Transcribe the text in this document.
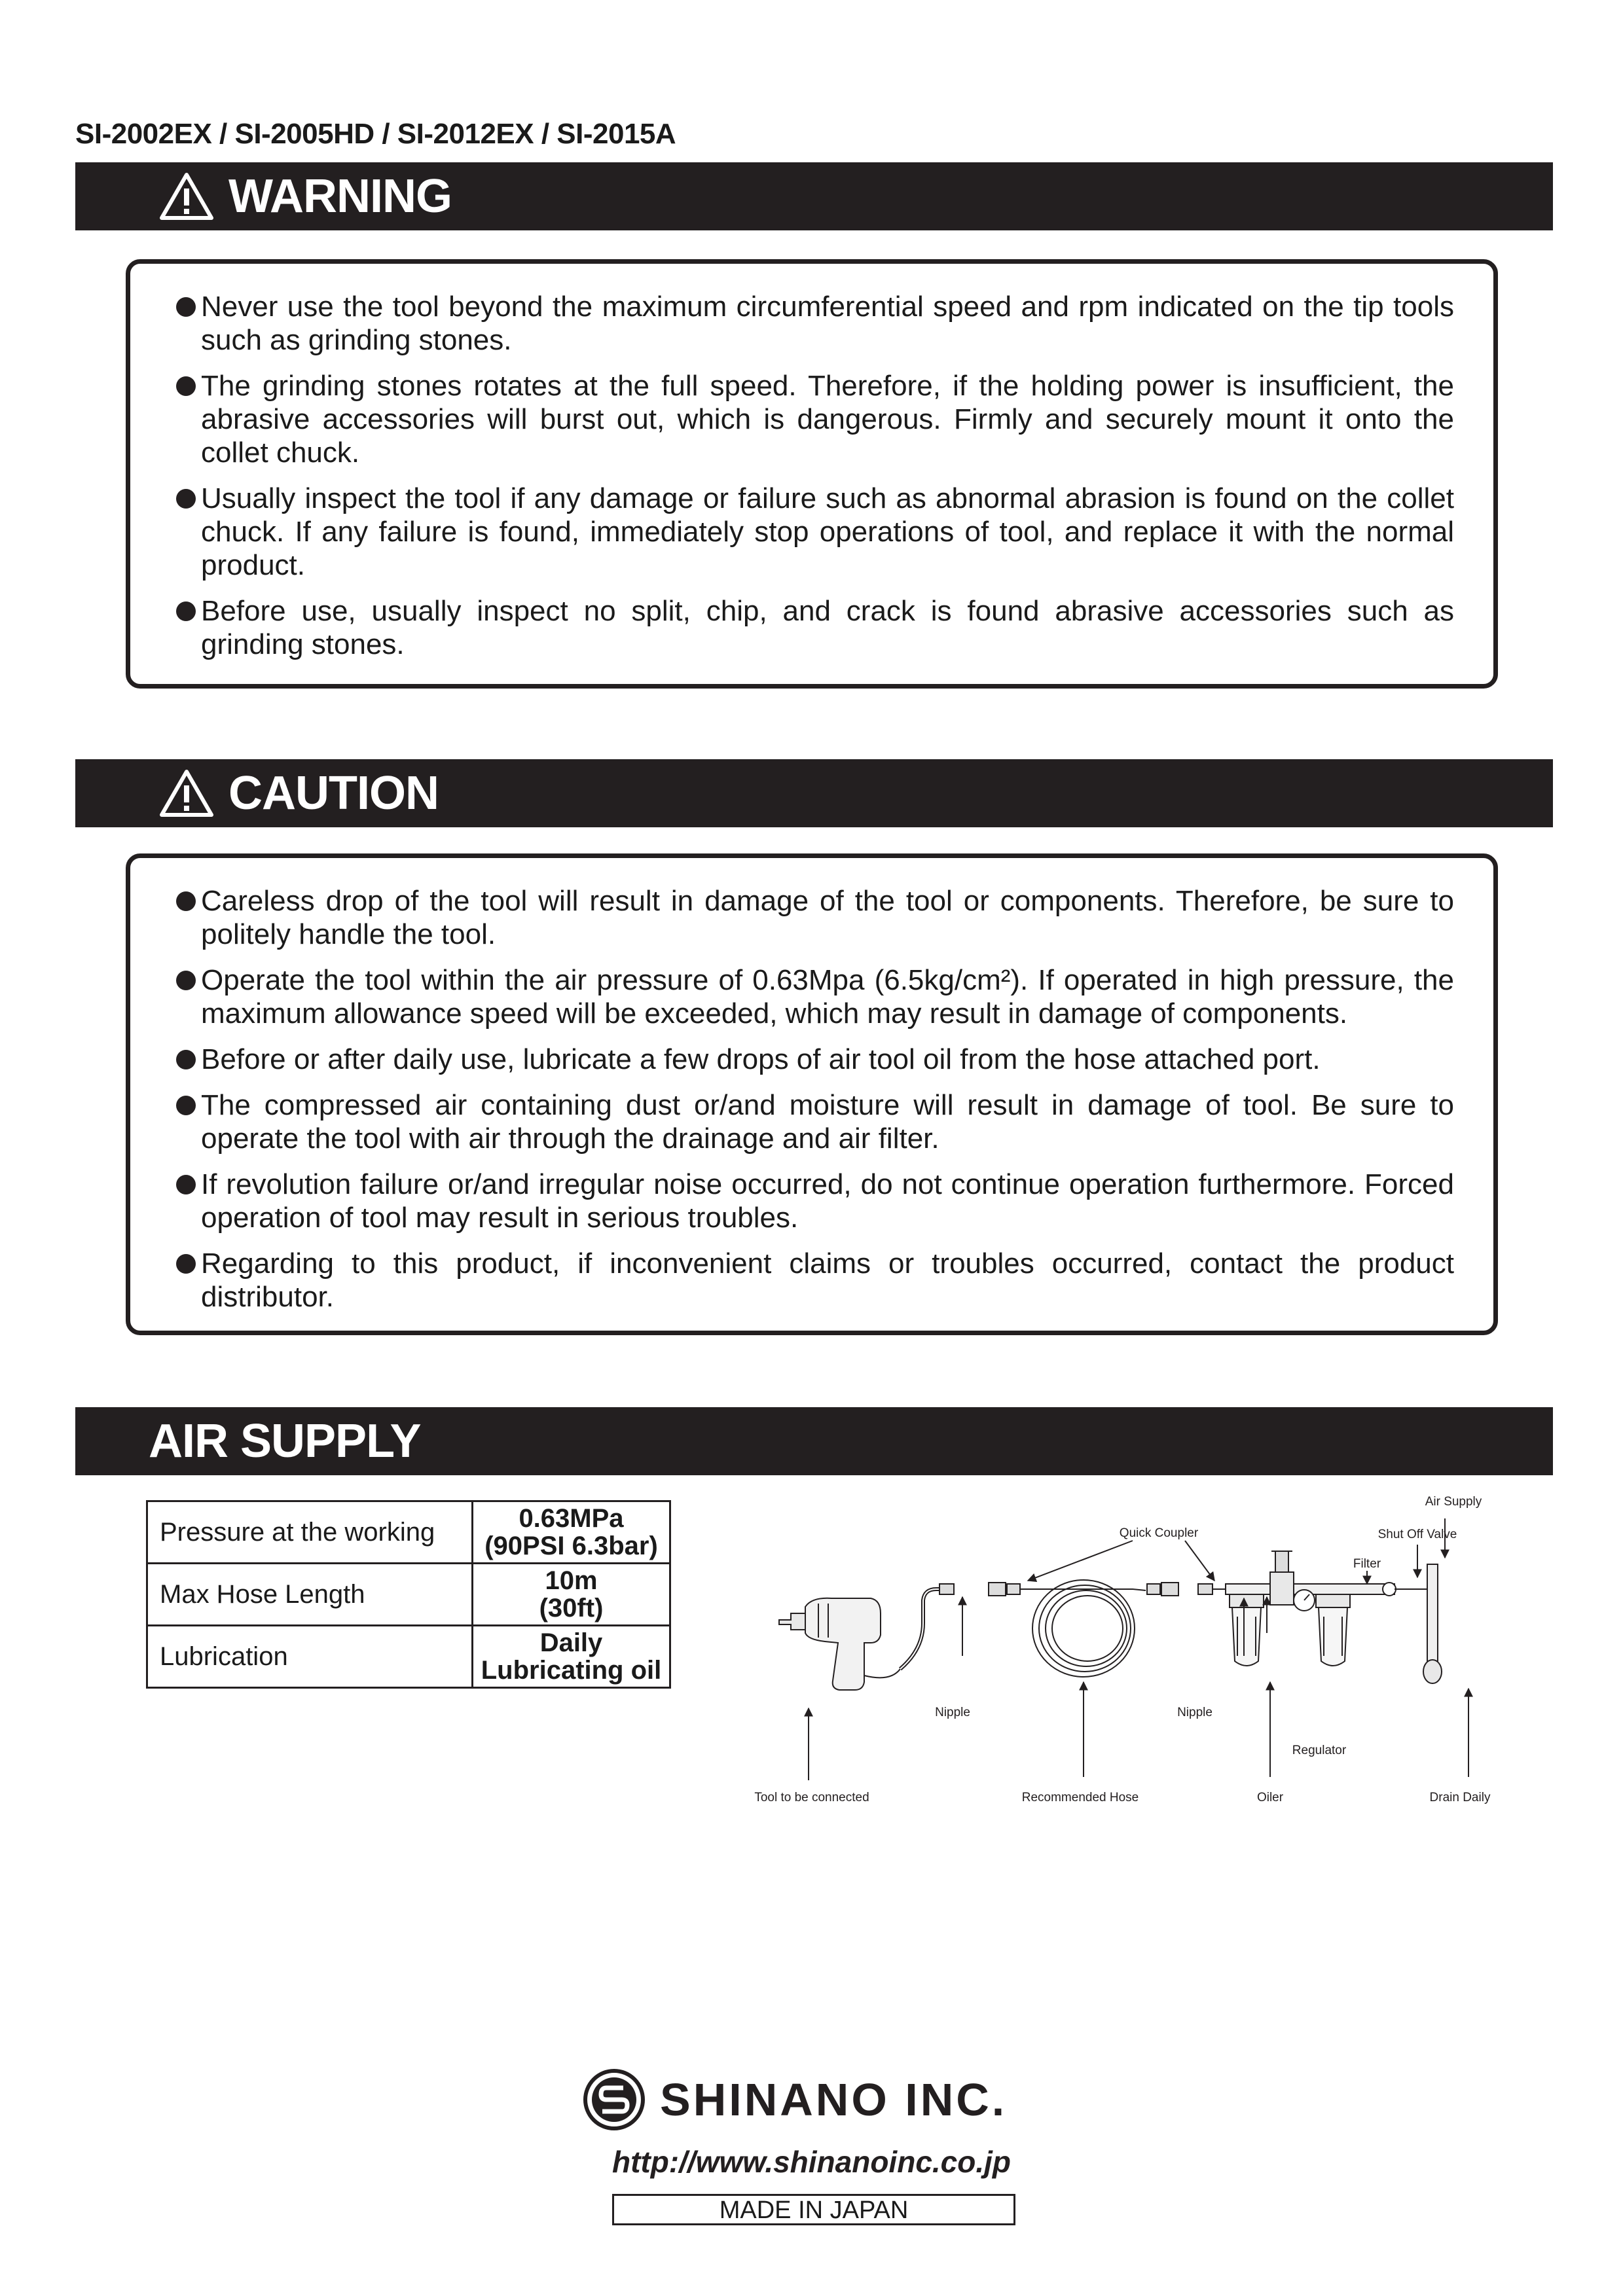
SI-2002EX / SI-2005HD / SI-2012EX / SI-2015A
WARNING
Never use the tool beyond the maximum circumferential speed and rpm indicated on the tip tools such as grinding stones.
The grinding stones rotates at the full speed. Therefore, if the holding power is insufficient, the abrasive accessories will burst out, which is dangerous. Firmly and securely mount it onto the collet chuck.
Usually inspect the tool if any damage or failure such as abnormal abrasion is found on the collet chuck. If any failure is found, immediately stop operations of tool, and replace it with the normal product.
Before use, usually inspect no split, chip, and crack is found abrasive accessories such as grinding stones.
CAUTION
Careless drop of the tool will result in damage of the tool or components. Therefore, be sure to politely handle the tool.
Operate the tool within the air pressure of 0.63Mpa (6.5kg/cm²). If operated in high pressure, the maximum allowance speed will be exceeded, which may result in damage of components.
Before or after daily use, lubricate a few drops of air tool oil from the hose attached port.
The compressed air containing dust or/and moisture will result in damage of tool. Be sure to operate the tool with air through the drainage and air filter.
If revolution failure or/and irregular noise occurred, do not continue operation furthermore. Forced operation of tool may result in serious troubles.
Regarding to this product, if inconvenient claims or troubles occurred, contact the product distributor.
AIR SUPPLY
Pressure at the working	0.63MPa
(90PSI 6.3bar)
Max Hose Length	10m
(30ft)
Lubrication	Daily
Lubricating oil
Air Supply
Shut Off Valve
Filter
Quick Coupler
Nipple	Nipple
Regulator
Tool to be connected	Recommended Hose	Oiler	Drain Daily
SHINANO INC.
http://www.shinanoinc.co.jp
MADE IN JAPAN
